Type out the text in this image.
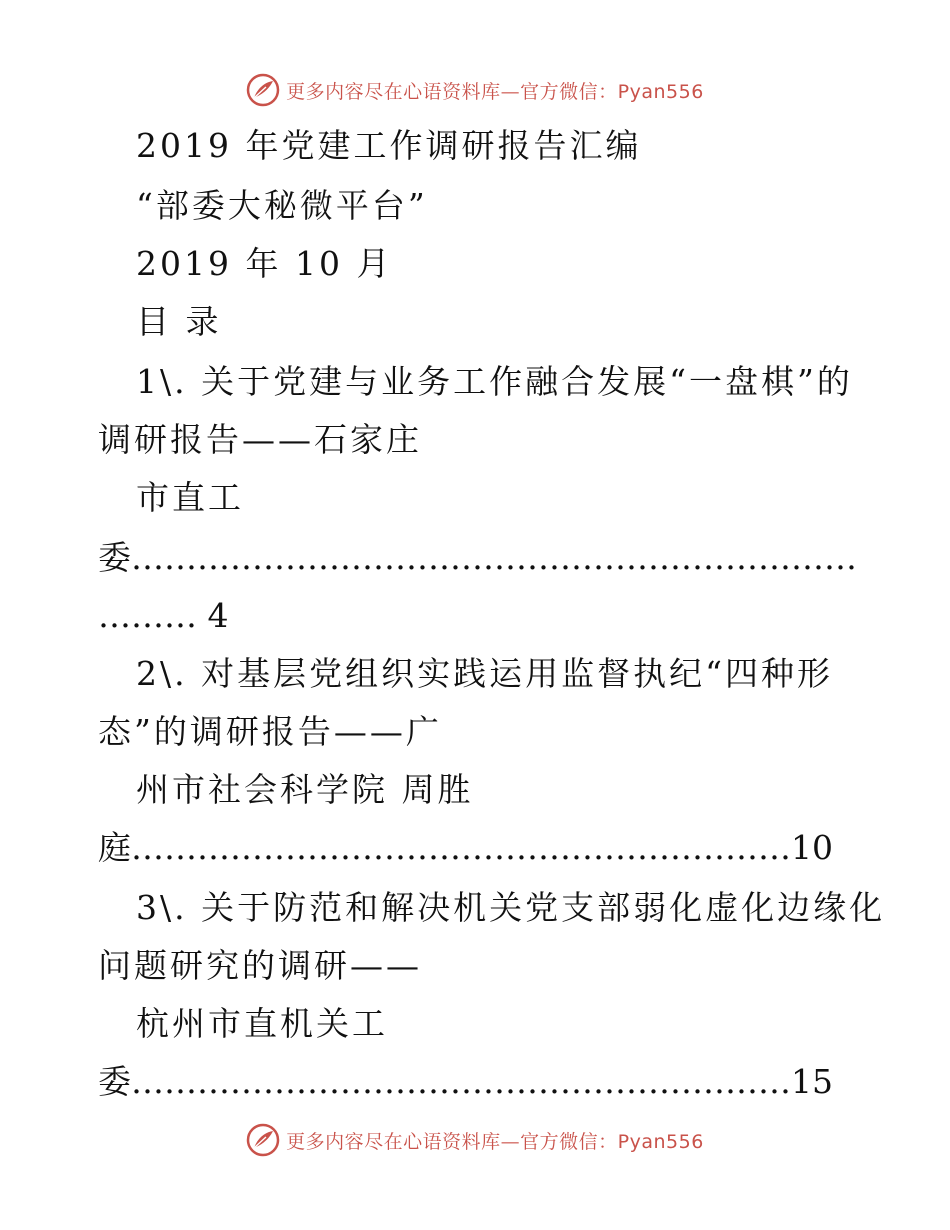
更多内容尽在心语资料库—官方微信：Pyan556
2019 年党建工作调研报告汇编
“部委大秘微平台”
2019 年 10 月
目 录
1\. 关于党建与业务工作融合发展“一盘棋”的
调研报告——石家庄
市直工
委…………………………………………………………
……… 4
2\. 对基层党组织实践运用监督执纪“四种形
态”的调研报告——广
州市社会科学院 周胜
庭……………………………………………………10
3\. 关于防范和解决机关党支部弱化虚化边缘化
问题研究的调研——
杭州市直机关工
委……………………………………………………15
更多内容尽在心语资料库—官方微信：Pyan556
